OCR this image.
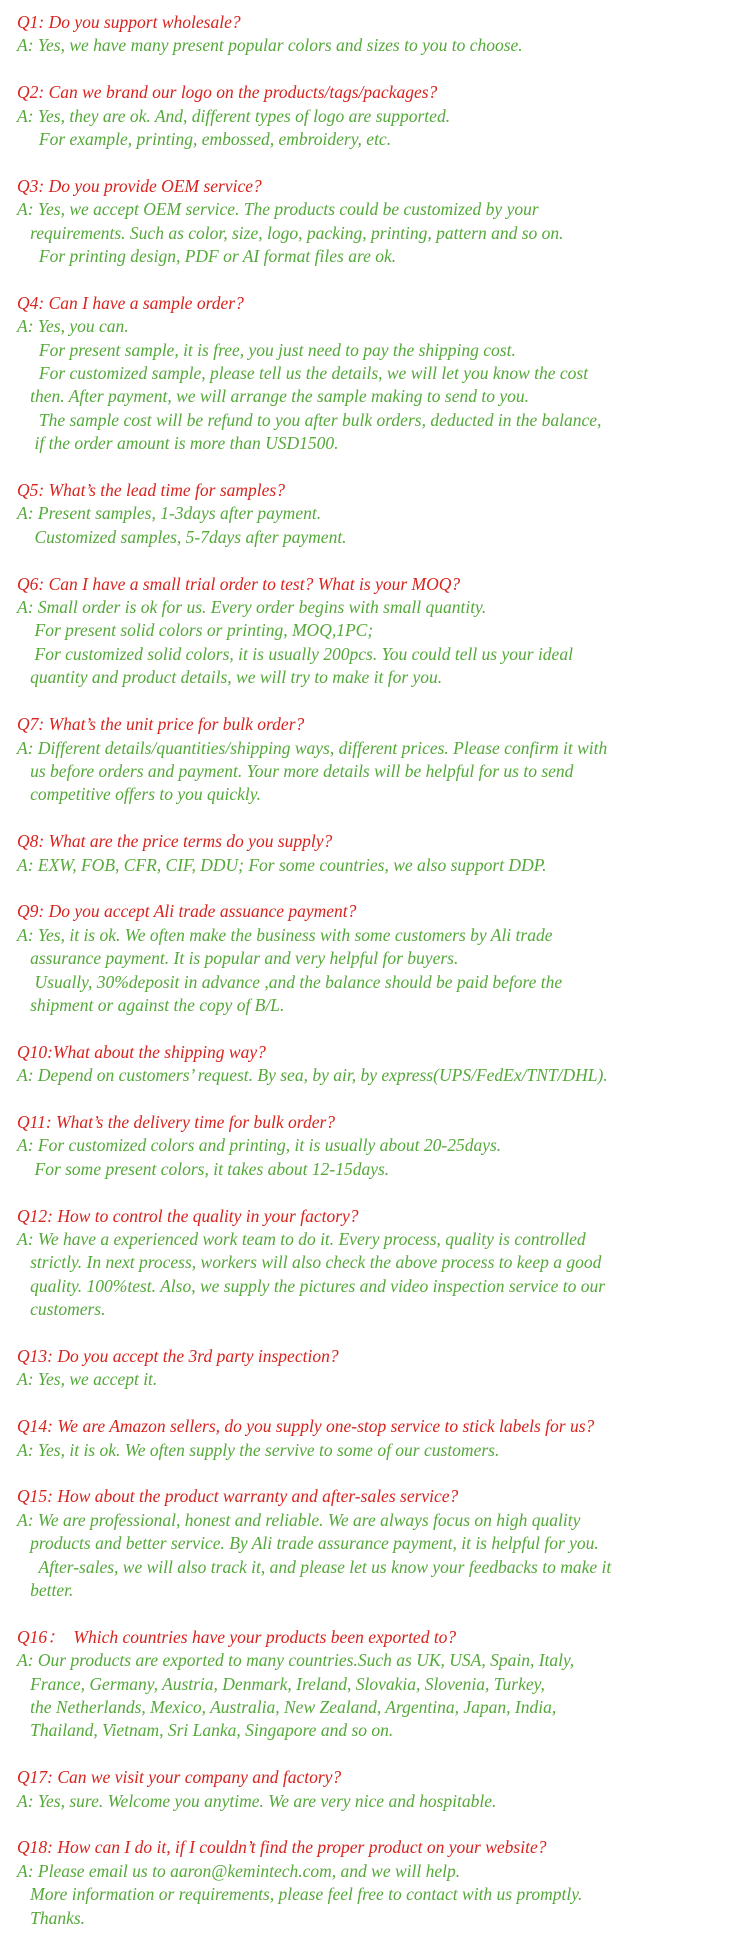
Q1: Do you support wholesale?
A: Yes, we have many present popular colors and sizes to you to choose.
Q2: Can we brand our logo on the products/tags/packages?
A: Yes, they are ok. And, different types of logo are supported.
For example, printing, embossed, embroidery, etc.
Q3: Do you provide OEM service?
A: Yes, we accept OEM service. The products could be customized by your
requirements. Such as color, size, logo, packing, printing, pattern and so on.
For printing design, PDF or AI format files are ok.
Q4: Can I have a sample order?
A: Yes, you can.
For present sample, it is free, you just need to pay the shipping cost.
For customized sample, please tell us the details, we will let you know the cost
then. After payment, we will arrange the sample making to send to you.
The sample cost will be refund to you after bulk orders, deducted in the balance,
if the order amount is more than USD1500.
Q5: What’s the lead time for samples?
A: Present samples, 1-3days after payment.
Customized samples, 5-7days after payment.
Q6: Can I have a small trial order to test? What is your MOQ?
A: Small order is ok for us. Every order begins with small quantity.
For present solid colors or printing, MOQ,1PC;
For customized solid colors, it is usually 200pcs. You could tell us your ideal
quantity and product details, we will try to make it for you.
Q7: What’s the unit price for bulk order?
A: Different details/quantities/shipping ways, different prices. Please confirm it with
us before orders and payment. Your more details will be helpful for us to send
competitive offers to you quickly.
Q8: What are the price terms do you supply?
A: EXW, FOB, CFR, CIF, DDU; For some countries, we also support DDP.
Q9: Do you accept Ali trade assuance payment?
A: Yes, it is ok. We often make the business with some customers by Ali trade
assurance payment. It is popular and very helpful for buyers.
Usually, 30%deposit in advance ,and the balance should be paid before the
shipment or against the copy of B/L.
Q10:What about the shipping way?
A: Depend on customers’ request. By sea, by air, by express(UPS/FedEx/TNT/DHL).
Q11: What’s the delivery time for bulk order?
A: For customized colors and printing, it is usually about 20-25days.
For some present colors, it takes about 12-15days.
Q12: How to control the quality in your factory?
A: We have a experienced work team to do it. Every process, quality is controlled
strictly. In next process, workers will also check the above process to keep a good
quality. 100%test. Also, we supply the pictures and video inspection service to our
customers.
Q13: Do you accept the 3rd party inspection?
A: Yes, we accept it.
Q14: We are Amazon sellers, do you supply one-stop service to stick labels for us?
A: Yes, it is ok. We often supply the servive to some of our customers.
Q15: How about the product warranty and after-sales service?
A: We are professional, honest and reliable. We are always focus on high quality
products and better service. By Ali trade assurance payment, it is helpful for you.
After-sales, we will also track it, and please let us know your feedbacks to make it
better.
Q16：  Which countries have your products been exported to?
A: Our products are exported to many countries.Such as UK, USA, Spain, Italy,
France, Germany, Austria, Denmark, Ireland, Slovakia, Slovenia, Turkey,
the Netherlands, Mexico, Australia, New Zealand, Argentina, Japan, India,
Thailand, Vietnam, Sri Lanka, Singapore and so on.
Q17: Can we visit your company and factory?
A: Yes, sure. Welcome you anytime. We are very nice and hospitable.
Q18: How can I do it, if I couldn’t find the proper product on your website?
A: Please email us to aaron@kemintech.com, and we will help.
More information or requirements, please feel free to contact with us promptly.
Thanks.
